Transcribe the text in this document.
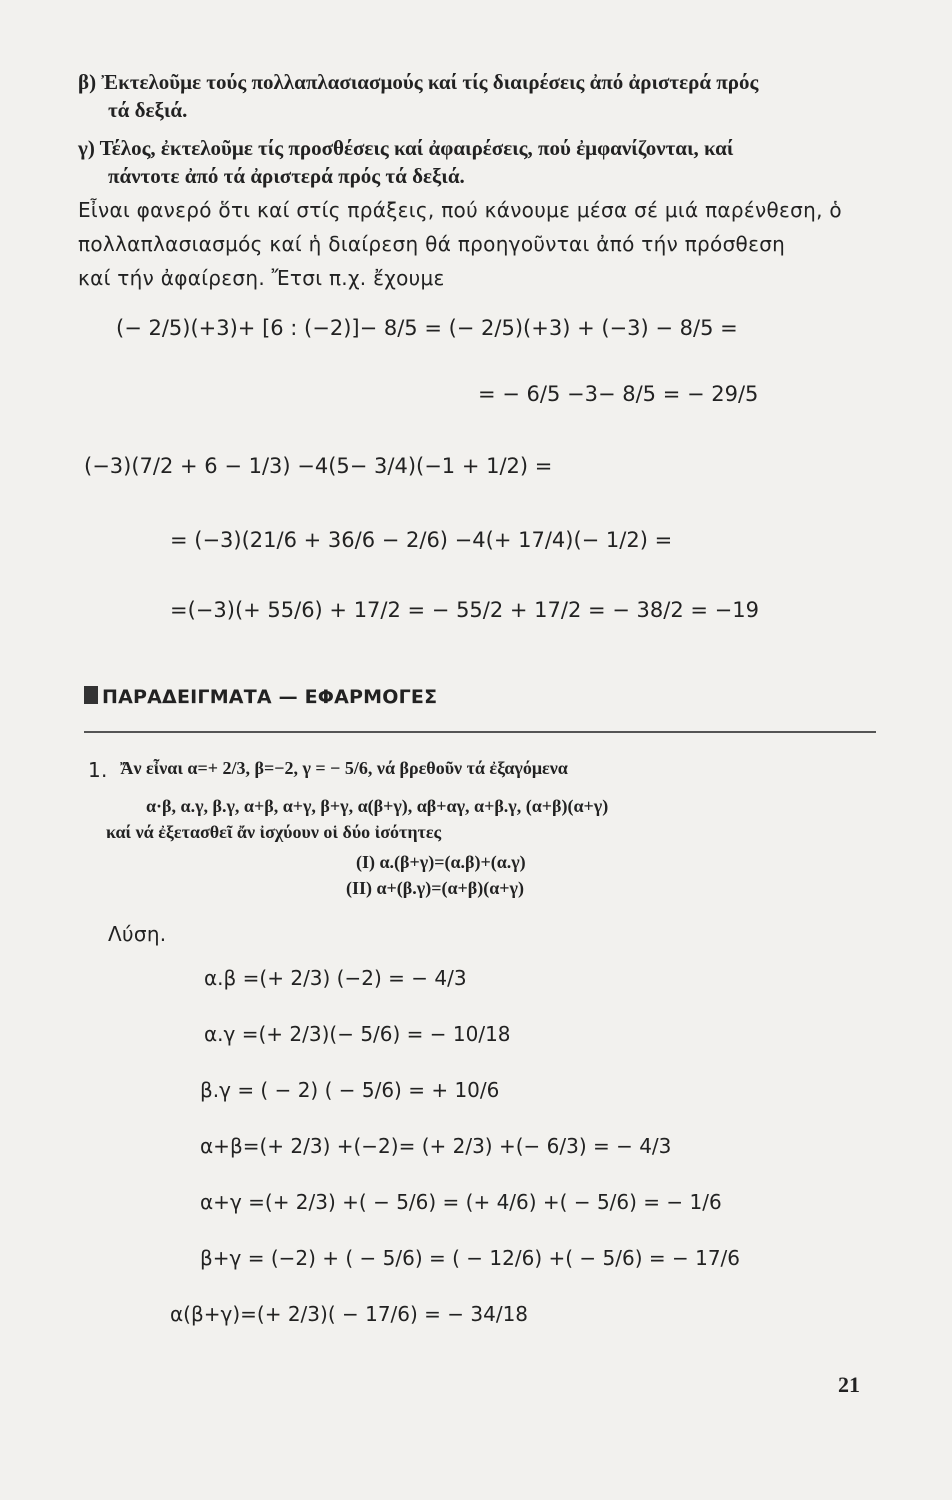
β) Ἐκτελοῦμε τούς πολλαπλασιασμούς καί τίς διαιρέσεις ἀπό ἀριστερά πρός
τά δεξιά.
γ) Τέλος, ἐκτελοῦμε τίς προσθέσεις καί ἀφαιρέσεις, πού ἐμφανίζονται, καί
πάντοτε ἀπό τά ἀριστερά πρός τά δεξιά.
Εἶναι φανερό ὅτι καί στίς πράξεις, πού κάνουμε μέσα σέ μιά παρένθεση, ὁ
πολλαπλασιασμός καί ἡ διαίρεση θά προηγοῦνται ἀπό τήν πρόσθεση
καί τήν ἀφαίρεση. Ἔτσι π.χ. ἔχουμε
(− 2/5)(+3)+ [6 : (−2)]− 8/5 = (− 2/5)(+3) + (−3) − 8/5 =
= − 6/5 −3− 8/5 = − 29/5
(−3)(7/2 + 6 − 1/3) −4(5− 3/4)(−1 + 1/2) =
= (−3)(21/6 + 36/6 − 2/6) −4(+ 17/4)(− 1/2) =
=(−3)(+ 55/6) + 17/2 = − 55/2 + 17/2 = − 38/2 = −19
ΠΑΡΑΔΕΙΓΜΑΤΑ — ΕΦΑΡΜΟΓΕΣ
1. Ἄν εἶναι α=+ 2/3, β=−2, γ = − 5/6, νά βρεθοῦν τά ἐξαγόμενα
α·β, α.γ, β.γ, α+β, α+γ, β+γ, α(β+γ), αβ+αγ, α+β.γ, (α+β)(α+γ)
καί νά ἐξετασθεῖ ἄν ἰσχύουν οἱ δύο ἰσότητες
(Ι) α.(β+γ)=(α.β)+(α.γ)
(ΙΙ) α+(β.γ)=(α+β)(α+γ)
Λύση.
α.β =(+ 2/3) (−2) = − 4/3
α.γ =(+ 2/3)(− 5/6) = − 10/18
β.γ = ( − 2) ( − 5/6) = + 10/6
α+β=(+ 2/3) +(−2)= (+ 2/3) +(− 6/3) = − 4/3
α+γ =(+ 2/3) +( − 5/6) = (+ 4/6) +( − 5/6) = − 1/6
β+γ = (−2) + ( − 5/6) = ( − 12/6) +( − 5/6) = − 17/6
α(β+γ)=(+ 2/3)( − 17/6) = − 34/18
21
